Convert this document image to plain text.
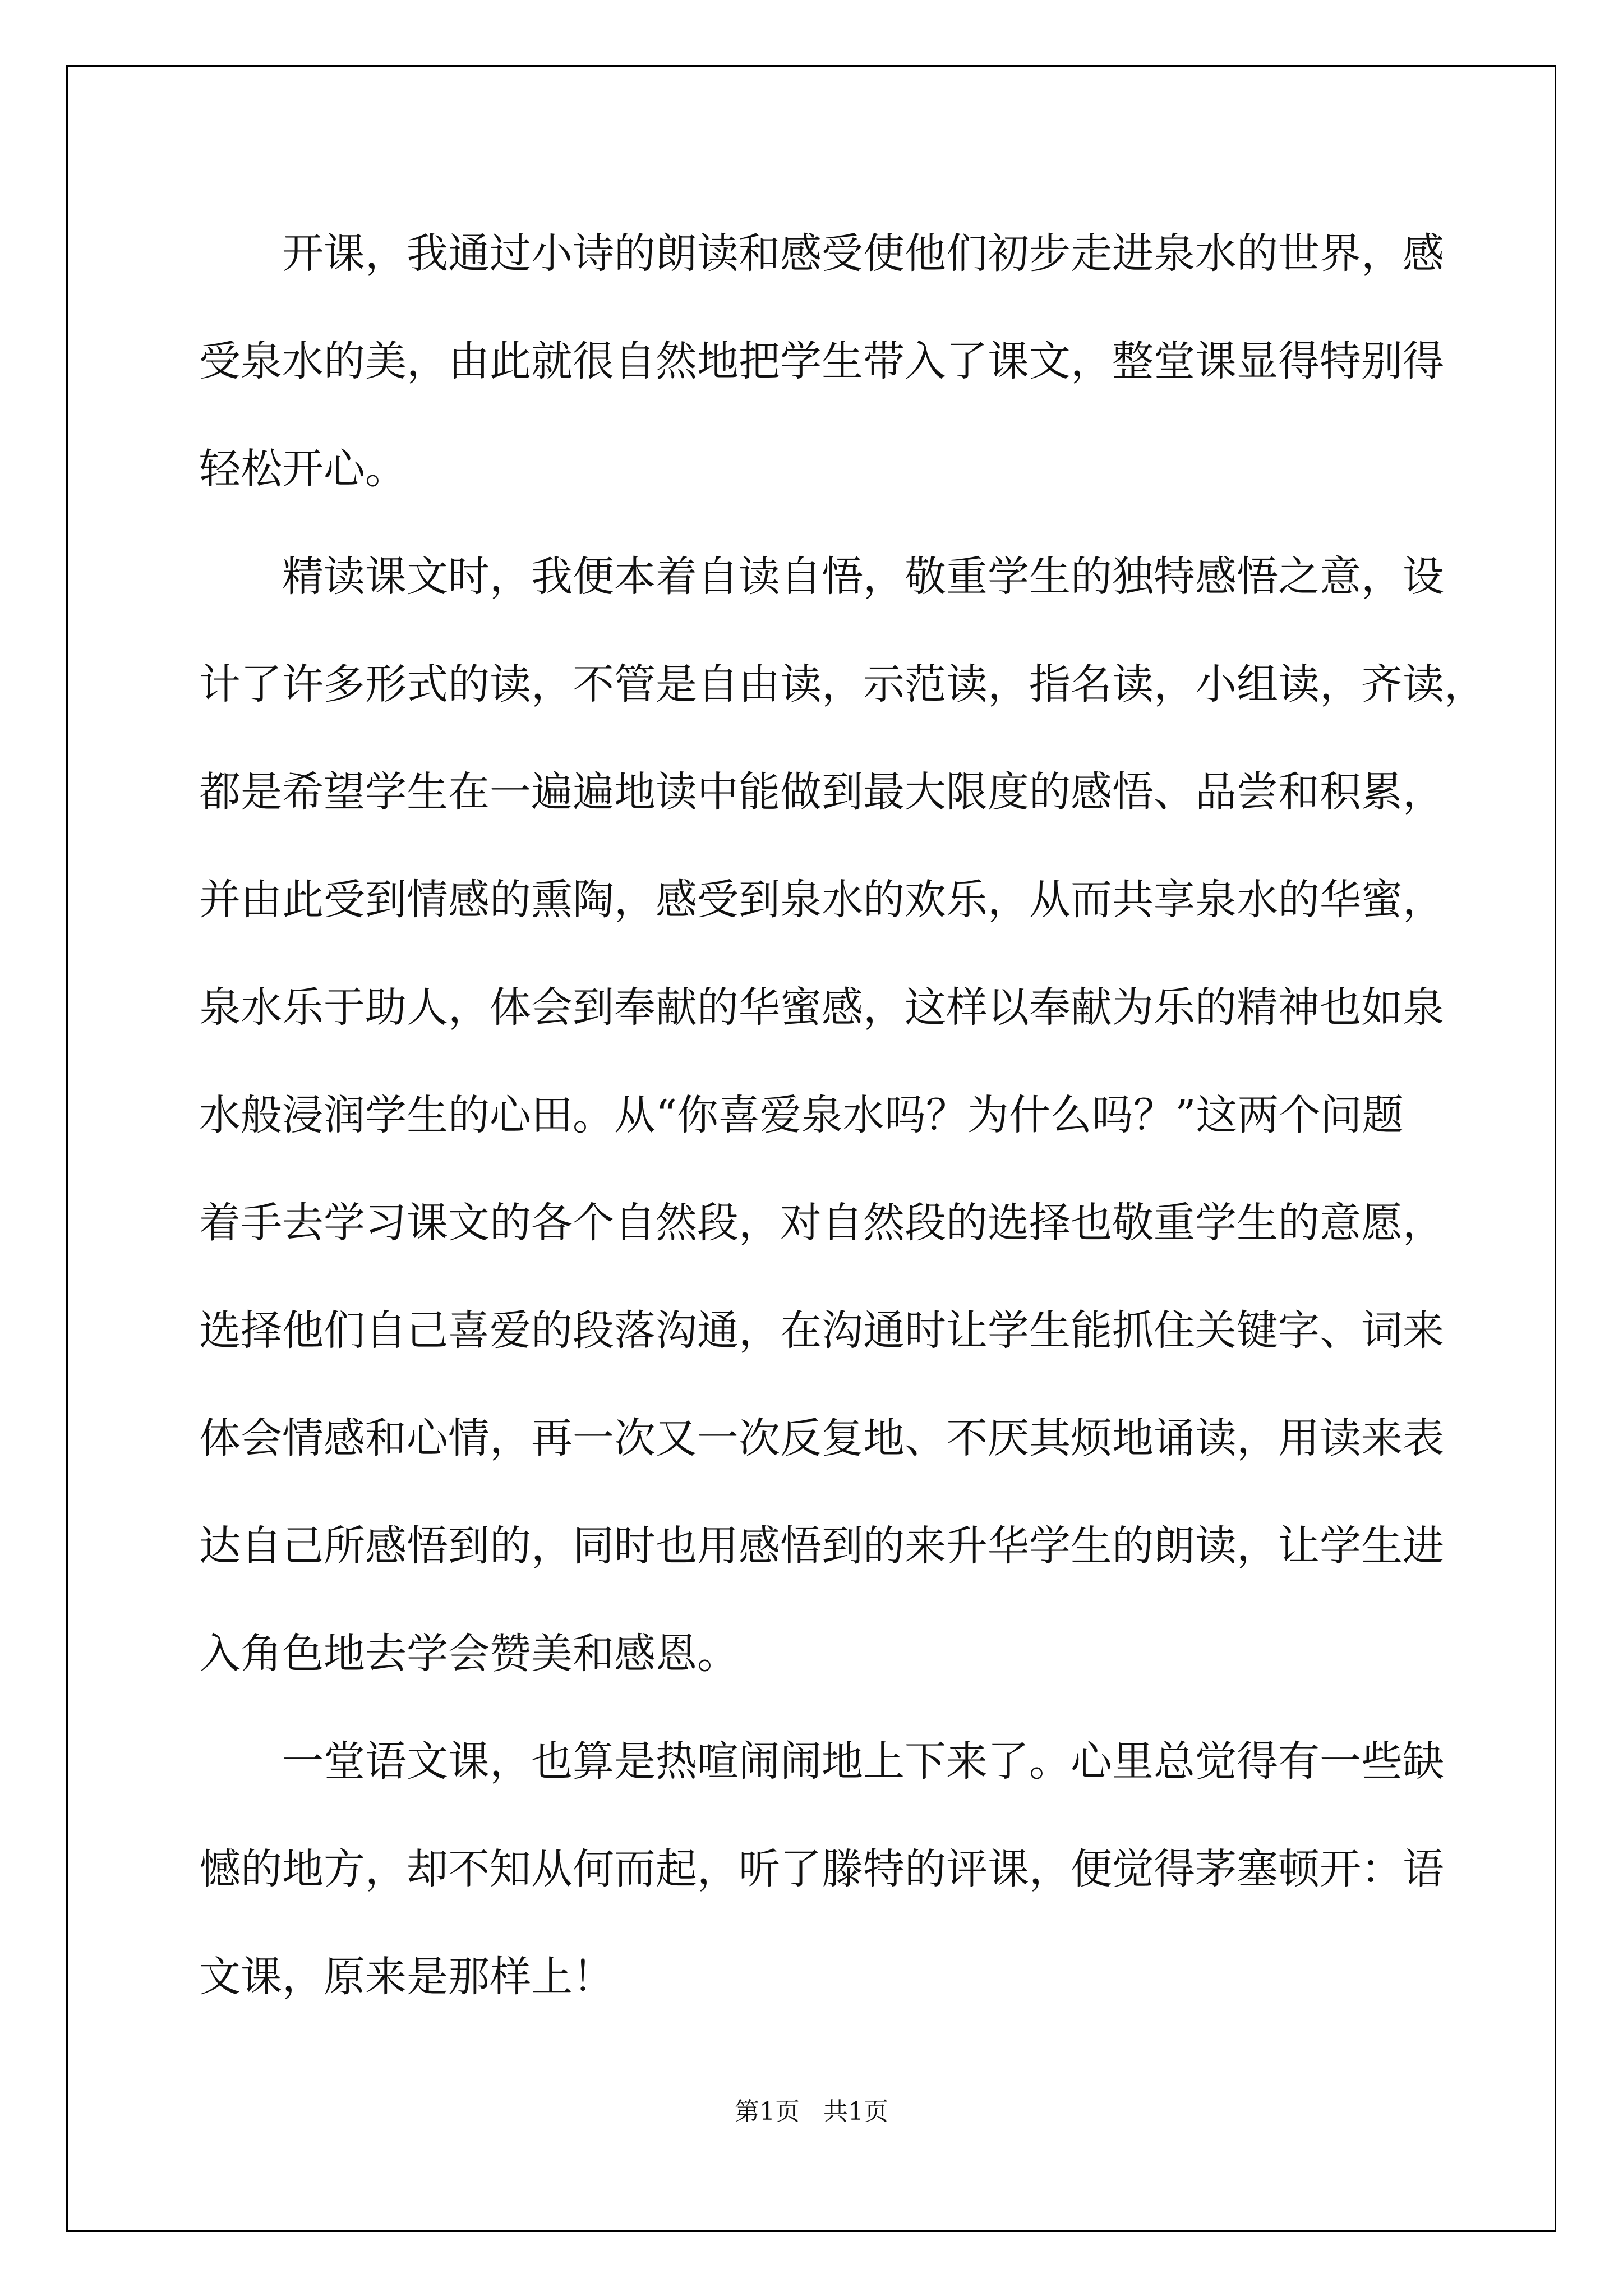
开课，我通过小诗的朗读和感受使他们初步走进泉水的世界，感
受泉水的美，由此就很自然地把学生带入了课文，整堂课显得特别得
轻松开心。
精读课文时，我便本着自读自悟，敬重学生的独特感悟之意，设
计了许多形式的读，不管是自由读，示范读，指名读，小组读，齐读，
都是希望学生在一遍遍地读中能做到最大限度的感悟、品尝和积累，
并由此受到情感的熏陶，感受到泉水的欢乐，从而共享泉水的华蜜，
泉水乐于助人，体会到奉献的华蜜感，这样以奉献为乐的精神也如泉
水般浸润学生的心田。从“你喜爱泉水吗？为什么吗？”这两个问题
着手去学习课文的各个自然段，对自然段的选择也敬重学生的意愿，
选择他们自己喜爱的段落沟通，在沟通时让学生能抓住关键字、词来
体会情感和心情，再一次又一次反复地、不厌其烦地诵读，用读来表
达自己所感悟到的，同时也用感悟到的来升华学生的朗读，让学生进
入角色地去学会赞美和感恩。
一堂语文课，也算是热喧闹闹地上下来了。心里总觉得有一些缺
憾的地方，却不知从何而起，听了滕特的评课，便觉得茅塞顿开：语
文课，原来是那样上！
第1页   共1页
